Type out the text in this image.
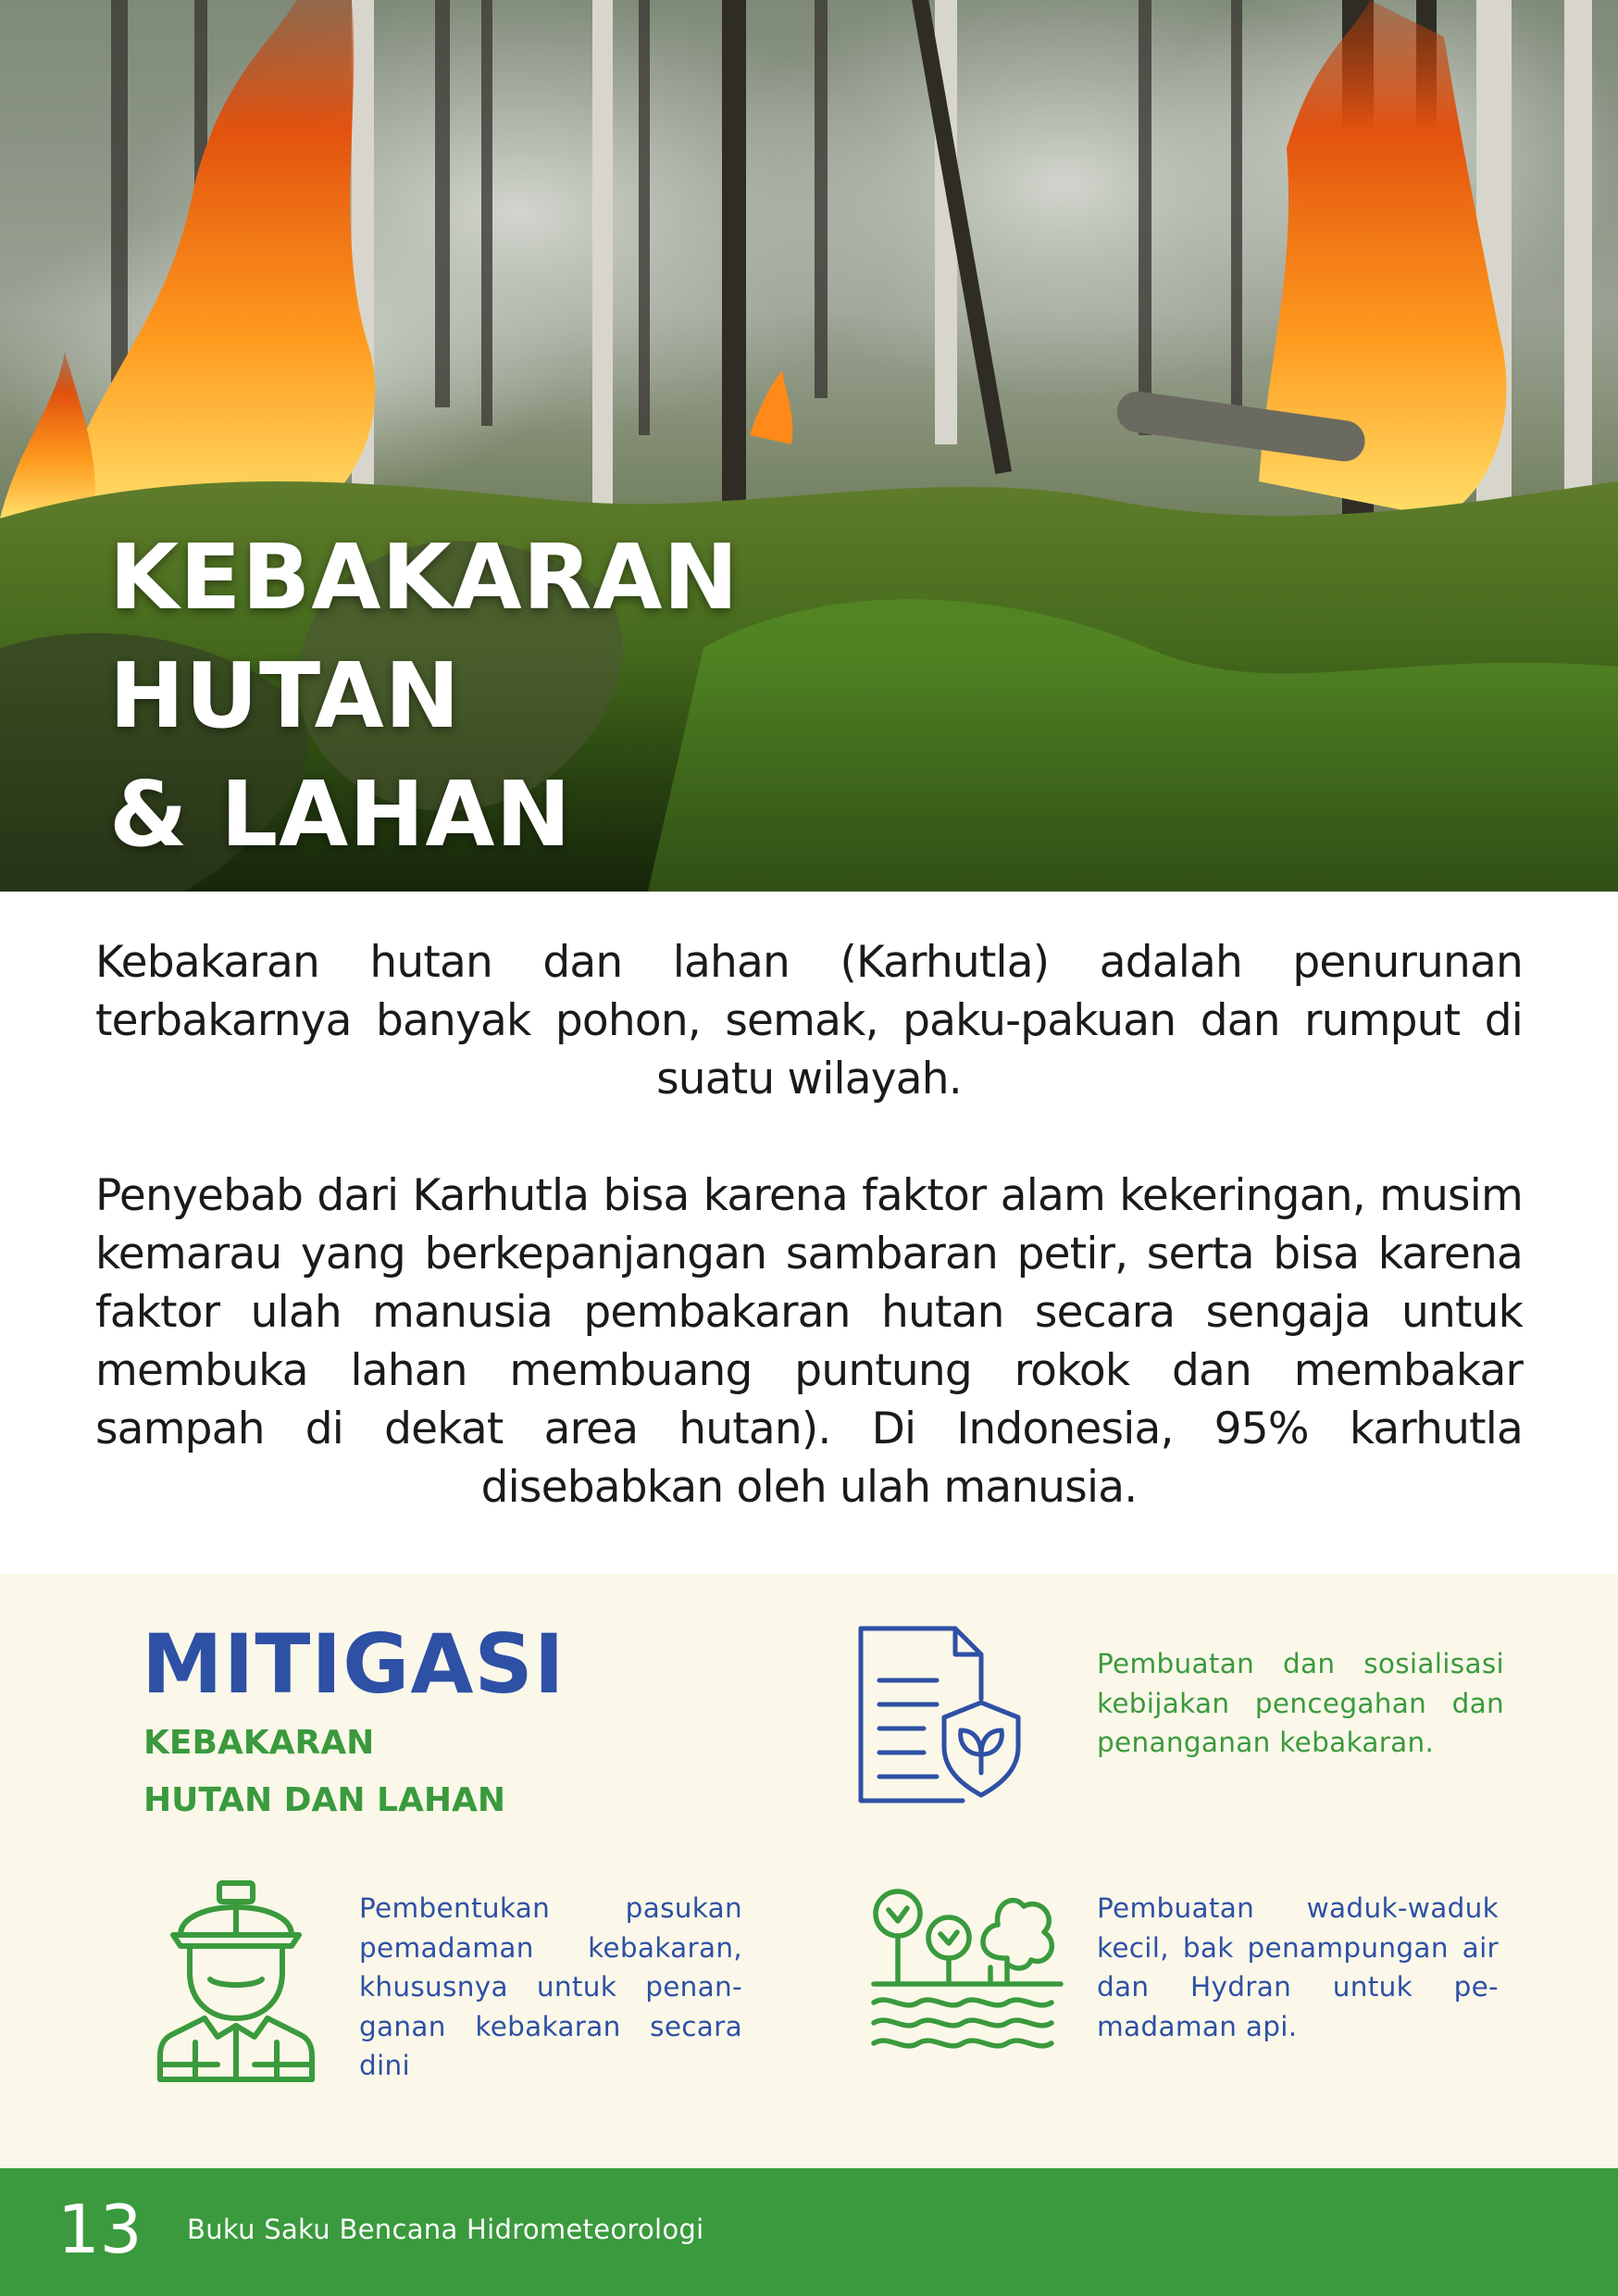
KEBAKARAN
HUTAN
& LAHAN

Kebakaran hutan dan lahan (Karhutla) adalah penurunan terbakarnya banyak pohon, semak, paku-pakuan dan rumput di suatu wilayah.

Penyebab dari Karhutla bisa karena faktor alam kekeringan, musim kemarau yang berkepanjangan sambaran petir, serta bisa karena faktor ulah manusia pembakaran hutan secara sengaja untuk membuka lahan membuang puntung rokok dan membakar sampah di dekat area hutan). Di Indonesia, 95% karhutla disebabkan oleh ulah manusia.

MITIGASI
KEBAKARAN
HUTAN DAN LAHAN

Pembuatan dan sosialisasi kebijakan pencegahan dan penanganan kebakaran.

Pembentukan pasukan pemadaman kebakaran, khususnya untuk penan-ganan kebakaran secara dini

Pembuatan waduk-waduk kecil, bak penampungan air dan Hydran untuk pe-madaman api.

13 Buku Saku Bencana Hidrometeorologi
